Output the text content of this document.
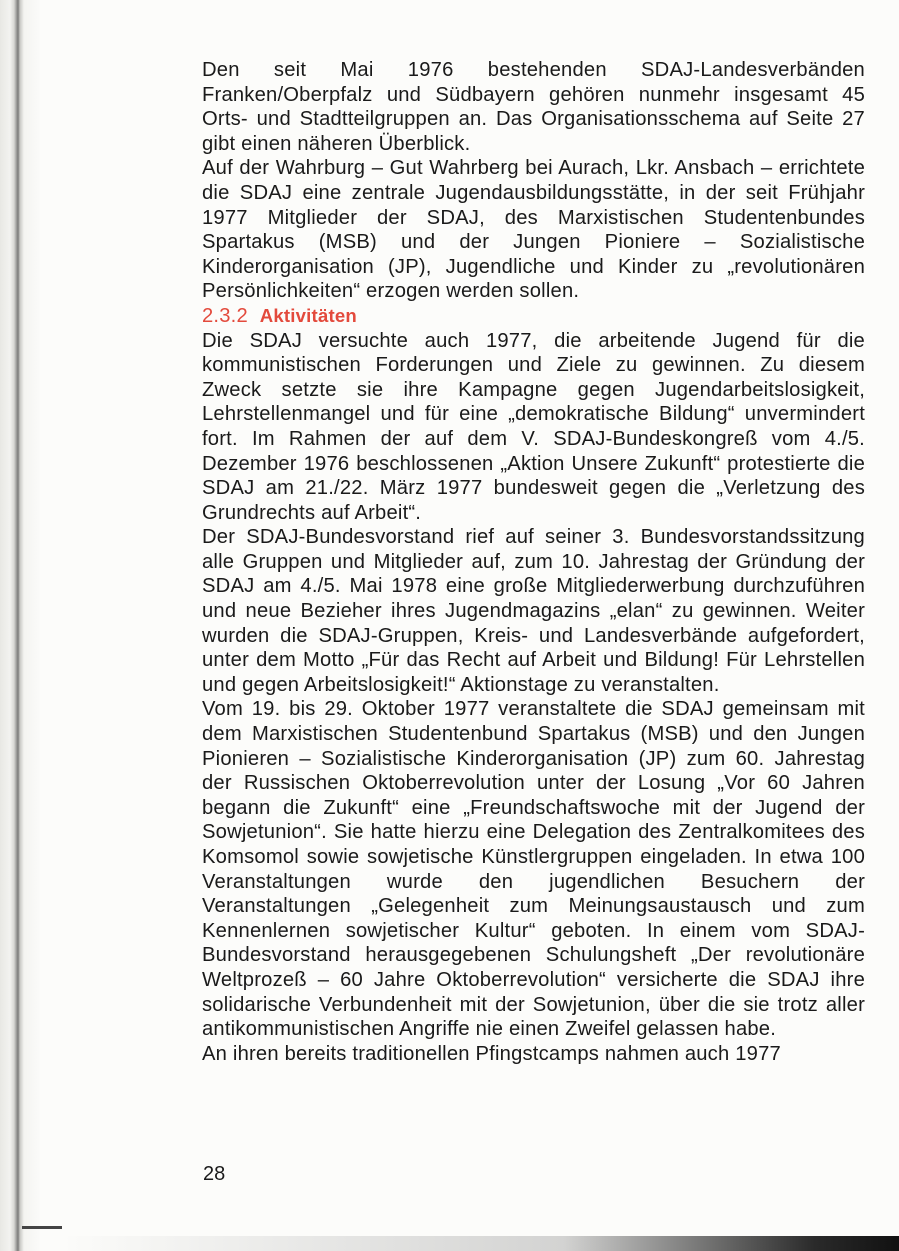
Den seit Mai 1976 bestehenden SDAJ-Landesverbänden Franken/Oberpfalz und Südbayern gehören nunmehr insgesamt 45 Orts- und Stadtteilgruppen an. Das Organisationsschema auf Seite 27 gibt einen näheren Überblick.

Auf der Wahrburg – Gut Wahrberg bei Aurach, Lkr. Ansbach – errichtete die SDAJ eine zentrale Jugendausbildungsstätte, in der seit Frühjahr 1977 Mitglieder der SDAJ, des Marxistischen Studentenbundes Spartakus (MSB) und der Jungen Pioniere – Sozialistische Kinderorganisation (JP), Jugendliche und Kinder zu „revolutionären Persönlichkeiten“ erzogen werden sollen.

2.3.2 Aktivitäten

Die SDAJ versuchte auch 1977, die arbeitende Jugend für die kommunistischen Forderungen und Ziele zu gewinnen. Zu diesem Zweck setzte sie ihre Kampagne gegen Jugendarbeitslosigkeit, Lehrstellenmangel und für eine „demokratische Bildung“ unvermindert fort. Im Rahmen der auf dem V. SDAJ-Bundeskongreß vom 4./5. Dezember 1976 beschlossenen „Aktion Unsere Zukunft“ protestierte die SDAJ am 21./22. März 1977 bundesweit gegen die „Verletzung des Grundrechts auf Arbeit“.

Der SDAJ-Bundesvorstand rief auf seiner 3. Bundesvorstandssitzung alle Gruppen und Mitglieder auf, zum 10. Jahrestag der Gründung der SDAJ am 4./5. Mai 1978 eine große Mitgliederwerbung durchzuführen und neue Bezieher ihres Jugendmagazins „elan“ zu gewinnen. Weiter wurden die SDAJ-Gruppen, Kreis- und Landesverbände aufgefordert, unter dem Motto „Für das Recht auf Arbeit und Bildung! Für Lehrstellen und gegen Arbeitslosigkeit!“ Aktionstage zu veranstalten.

Vom 19. bis 29. Oktober 1977 veranstaltete die SDAJ gemeinsam mit dem Marxistischen Studentenbund Spartakus (MSB) und den Jungen Pionieren – Sozialistische Kinderorganisation (JP) zum 60. Jahrestag der Russischen Oktoberrevolution unter der Losung „Vor 60 Jahren begann die Zukunft“ eine „Freundschaftswoche mit der Jugend der Sowjetunion“. Sie hatte hierzu eine Delegation des Zentralkomitees des Komsomol sowie sowjetische Künstlergruppen eingeladen. In etwa 100 Veranstaltungen wurde den jugendlichen Besuchern der Veranstaltungen „Gelegenheit zum Meinungsaustausch und zum Kennenlernen sowjetischer Kultur“ geboten. In einem vom SDAJ-Bundesvorstand herausgegebenen Schulungsheft „Der revolutionäre Weltprozeß – 60 Jahre Oktoberrevolution“ versicherte die SDAJ ihre solidarische Verbundenheit mit der Sowjetunion, über die sie trotz aller antikommunistischen Angriffe nie einen Zweifel gelassen habe.

An ihren bereits traditionellen Pfingstcamps nahmen auch 1977

28
